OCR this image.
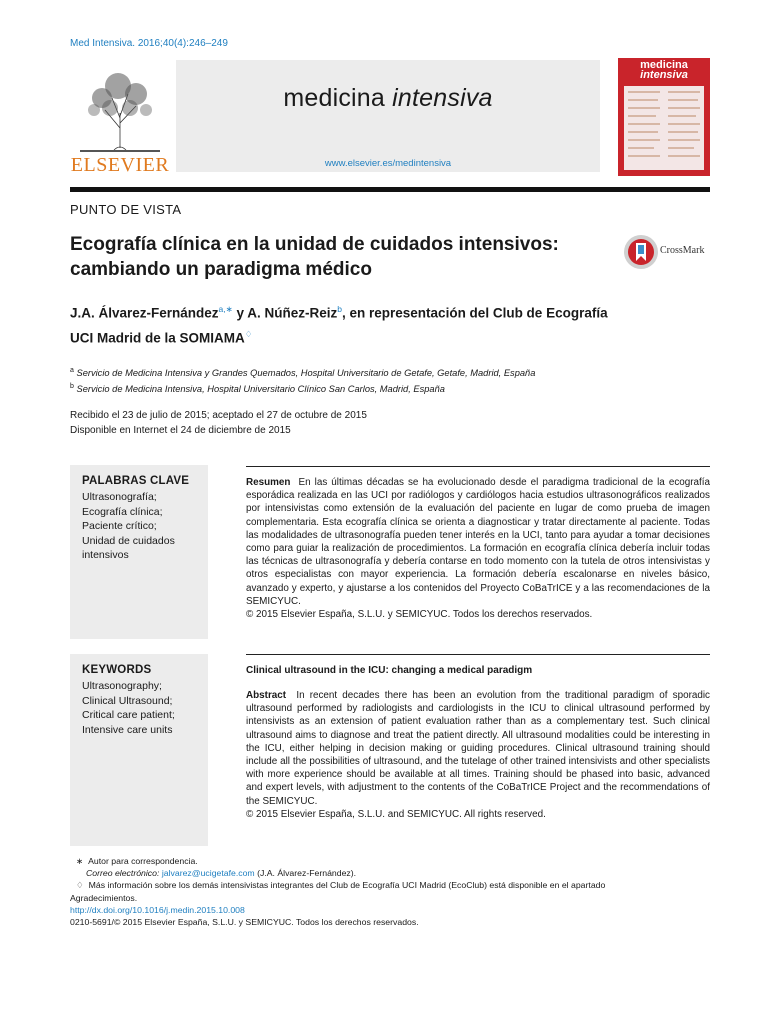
Med Intensiva. 2016;40(4):246–249
ELSEVIER
medicina intensiva
www.elsevier.es/medintensiva
medicina
intensiva
PUNTO DE VISTA
Ecografía clínica en la unidad de cuidados intensivos:
cambiando un paradigma médico
CrossMark
J.A. Álvarez-Fernández$^{a,∗}$ y A. Núñez-Reiz$^b$, en representación del Club de Ecografía
UCI Madrid de la SOMIAMA♢
$^a$ Servicio de Medicina Intensiva y Grandes Quemados, Hospital Universitario de Getafe, Getafe, Madrid, España
$^b$ Servicio de Medicina Intensiva, Hospital Universitario Clínico San Carlos, Madrid, España
Recibido el 23 de julio de 2015; aceptado el 27 de octubre de 2015
Disponible en Internet el 24 de diciembre de 2015
PALABRAS CLAVE
Ultrasonografía;
Ecografía clínica;
Paciente crítico;
Unidad de cuidados
intensivos
Resumen En las últimas décadas se ha evolucionado desde el paradigma tradicional de la ecografía esporádica realizada en las UCI por radiólogos y cardiólogos hacia estudios ultrasonográficos realizados por intensivistas como extensión de la evaluación del paciente en lugar de como prueba de imagen complementaria. Esta ecografía clínica se orienta a diagnosticar y tratar directamente al paciente. Todas las modalidades de ultrasonografía pueden tener interés en la UCI, tanto para ayudar a tomar decisiones como para guiar la realización de procedimientos. La formación en ecografía clínica debería incluir todas las técnicas de ultrasonografía y debería contarse en todo momento con la tutela de otros intensivistas y otros especialistas con mayor experiencia. La formación debería escalonarse en niveles básico, avanzado y experto, y ajustarse a los contenidos del Proyecto CoBaTrICE y a las recomendaciones de la SEMICYUC.
© 2015 Elsevier España, S.L.U. y SEMICYUC. Todos los derechos reservados.
KEYWORDS
Ultrasonography;
Clinical Ultrasound;
Critical care patient;
Intensive care units
Clinical ultrasound in the ICU: changing a medical paradigm
Abstract In recent decades there has been an evolution from the traditional paradigm of sporadic ultrasound performed by radiologists and cardiologists in the ICU to clinical ultrasound performed by intensivists as an extension of patient evaluation rather than as a complementary test. Such clinical ultrasound aims to diagnose and treat the patient directly. All ultrasound modalities could be interesting in the ICU, either helping in decision making or guiding procedures. Clinical ultrasound training should include all the possibilities of ultrasound, and the tutelage of other trained intensivists and other specialists with more experience should be available at all times. Training should be phased into basic, advanced and expert levels, with adjustment to the contents of the CoBaTrICE Project and the recommendations of the SEMICYUC.
© 2015 Elsevier España, S.L.U. and SEMICYUC. All rights reserved.
∗ Autor para correspondencia.
Correo electrónico: jalvarez@ucigetafe.com (J.A. Álvarez-Fernández).
♢ Más información sobre los demás intensivistas integrantes del Club de Ecografía UCI Madrid (EcoClub) está disponible en el apartado
Agradecimientos.
http://dx.doi.org/10.1016/j.medin.2015.10.008
0210-5691/© 2015 Elsevier España, S.L.U. y SEMICYUC. Todos los derechos reservados.
